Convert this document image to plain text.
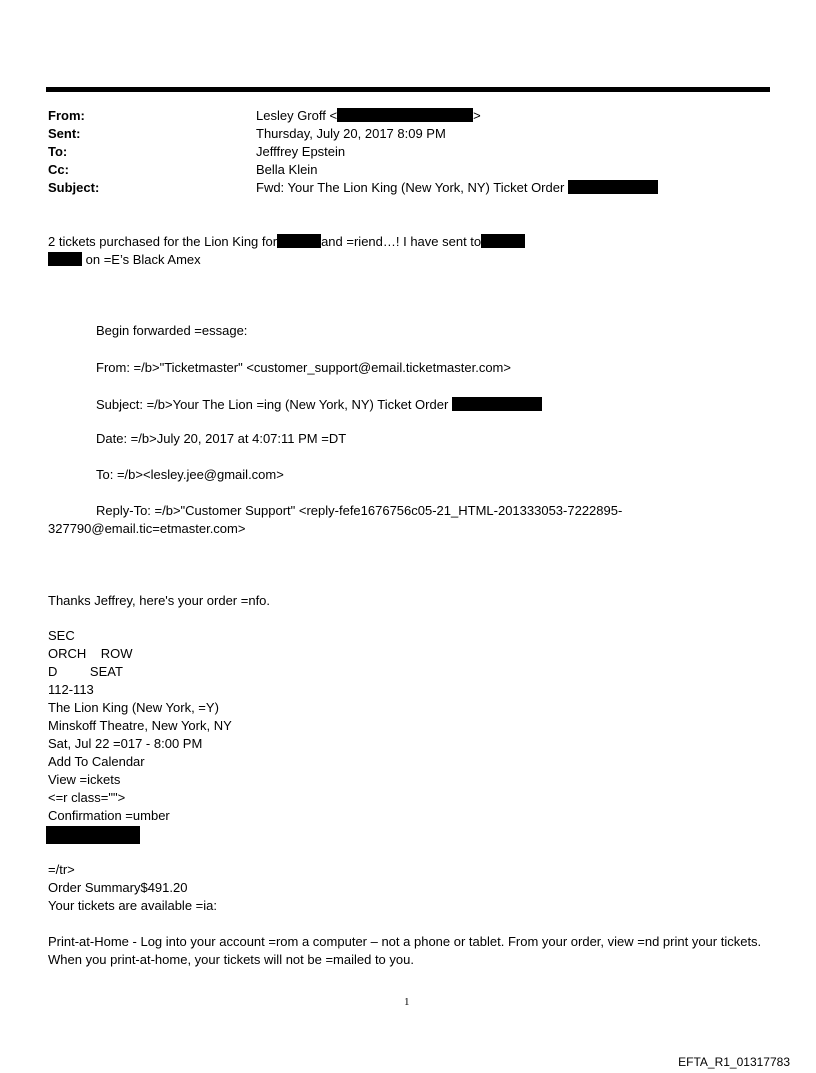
From:	Lesley Groff <	>
Sent:	Thursday, July 20, 2017 8:09 PM
To:	Jefffrey Epstein
Cc:	Bella Klein
Subject:	Fwd: Your The Lion King (New York, NY) Ticket Order
2 tickets purchased for the Lion King for	and =riend…! I have sent to
on =E’s Black Amex
Begin forwarded =essage:
From: =/b>"Ticketmaster" <customer_support@email.ticketmaster.com>
Subject: =/b>Your The Lion =ing (New York, NY) Ticket Order
Date: =/b>July 20, 2017 at 4:07:11 PM =DT
To: =/b><lesley.jee@gmail.com>
Reply-To: =/b>"Customer Support" <reply-fefe1676756c05-21_HTML-201333053-7222895-
327790@email.tic=etmaster.com>
Thanks Jeffrey, here's your order =nfo.
SEC
ORCH    ROW
D         SEAT
112-113
The Lion King (New York, =Y)
Minskoff Theatre, New York, NY
Sat, Jul 22 =017 - 8:00 PM
Add To Calendar
View =ickets
<=r class="">
Confirmation =umber
=/tr>
Order Summary$491.20
Your tickets are available =ia:
Print-at-Home - Log into your account =rom a computer – not a phone or tablet. From your order, view =nd print your tickets. When you print-at-home, your tickets will not be =mailed to you.
1
EFTA_R1_01317783
